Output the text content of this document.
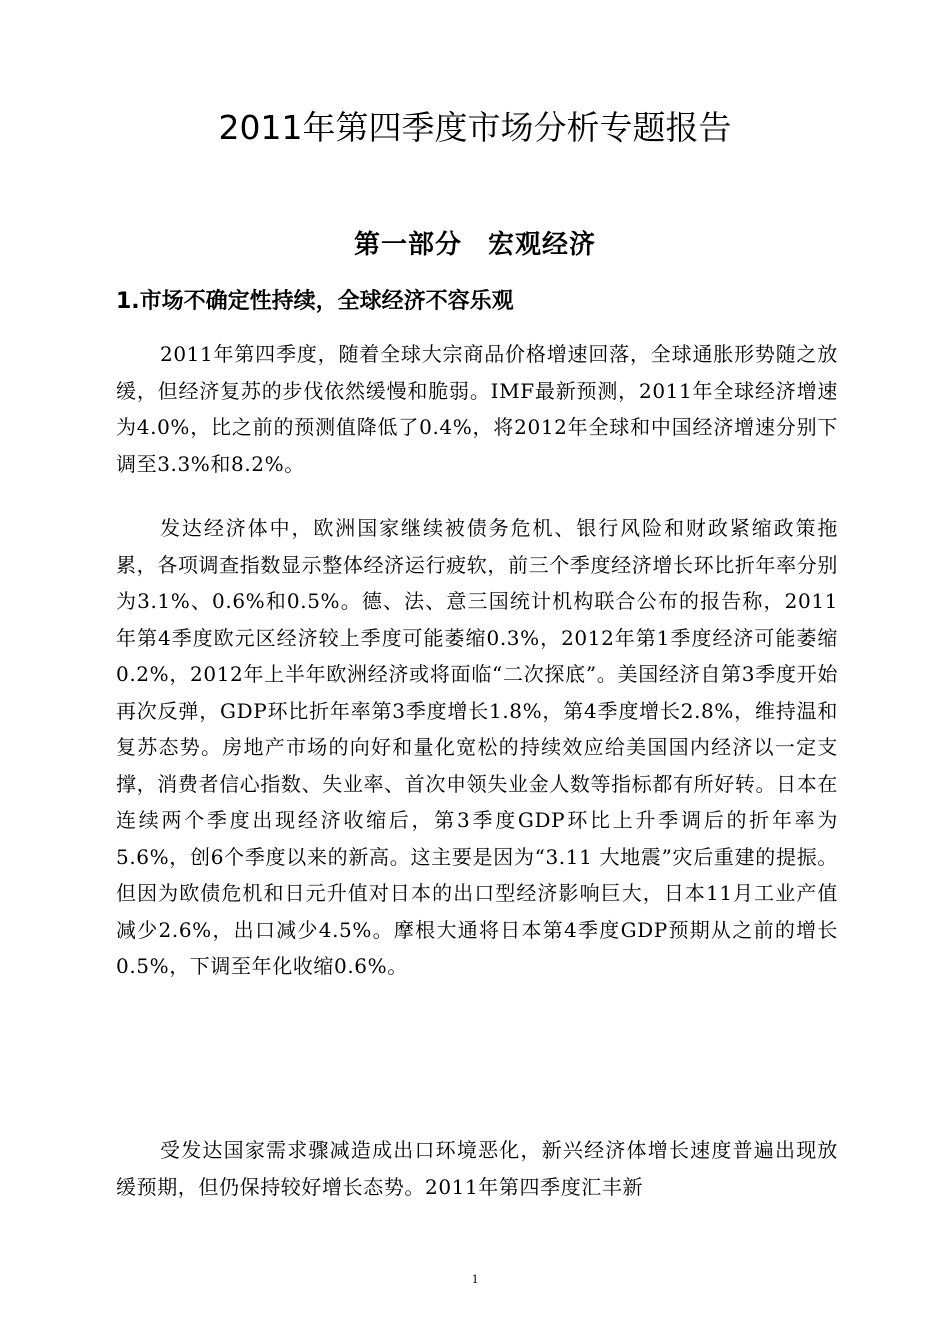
2011年第四季度市场分析专题报告
第一部分 宏观经济
1.市场不确定性持续，全球经济不容乐观

2011年第四季度，随着全球大宗商品价格增速回落，全球通胀形势随之放缓，但经济复苏的步伐依然缓慢和脆弱。IMF最新预测，2011年全球经济增速为4.0%，比之前的预测值降低了0.4%，将2012年全球和中国经济增速分别下调至3.3%和8.2%。

发达经济体中，欧洲国家继续被债务危机、银行风险和财政紧缩政策拖累，各项调查指数显示整体经济运行疲软，前三个季度经济增长环比折年率分别为3.1%、0.6%和0.5%。德、法、意三国统计机构联合公布的报告称，2011年第4季度欧元区经济较上季度可能萎缩0.3%，2012年第1季度经济可能萎缩0.2%，2012年上半年欧洲经济或将面临“二次探底”。美国经济自第3季度开始再次反弹，GDP环比折年率第3季度增长1.8%，第4季度增长2.8%，维持温和复苏态势。房地产市场的向好和量化宽松的持续效应给美国国内经济以一定支撑，消费者信心指数、失业率、首次申领失业金人数等指标都有所好转。日本在连续两个季度出现经济收缩后，第3季度GDP环比上升季调后的折年率为5.6%，创6个季度以来的新高。这主要是因为“3.11 大地震”灾后重建的提振。但因为欧债危机和日元升值对日本的出口型经济影响巨大，日本11月工业产值减少2.6%，出口减少4.5%。摩根大通将日本第4季度GDP预期从之前的增长0.5%，下调至年化收缩0.6%。

受发达国家需求骤减造成出口环境恶化，新兴经济体增长速度普遍出现放缓预期，但仍保持较好增长态势。2011年第四季度汇丰新

1
